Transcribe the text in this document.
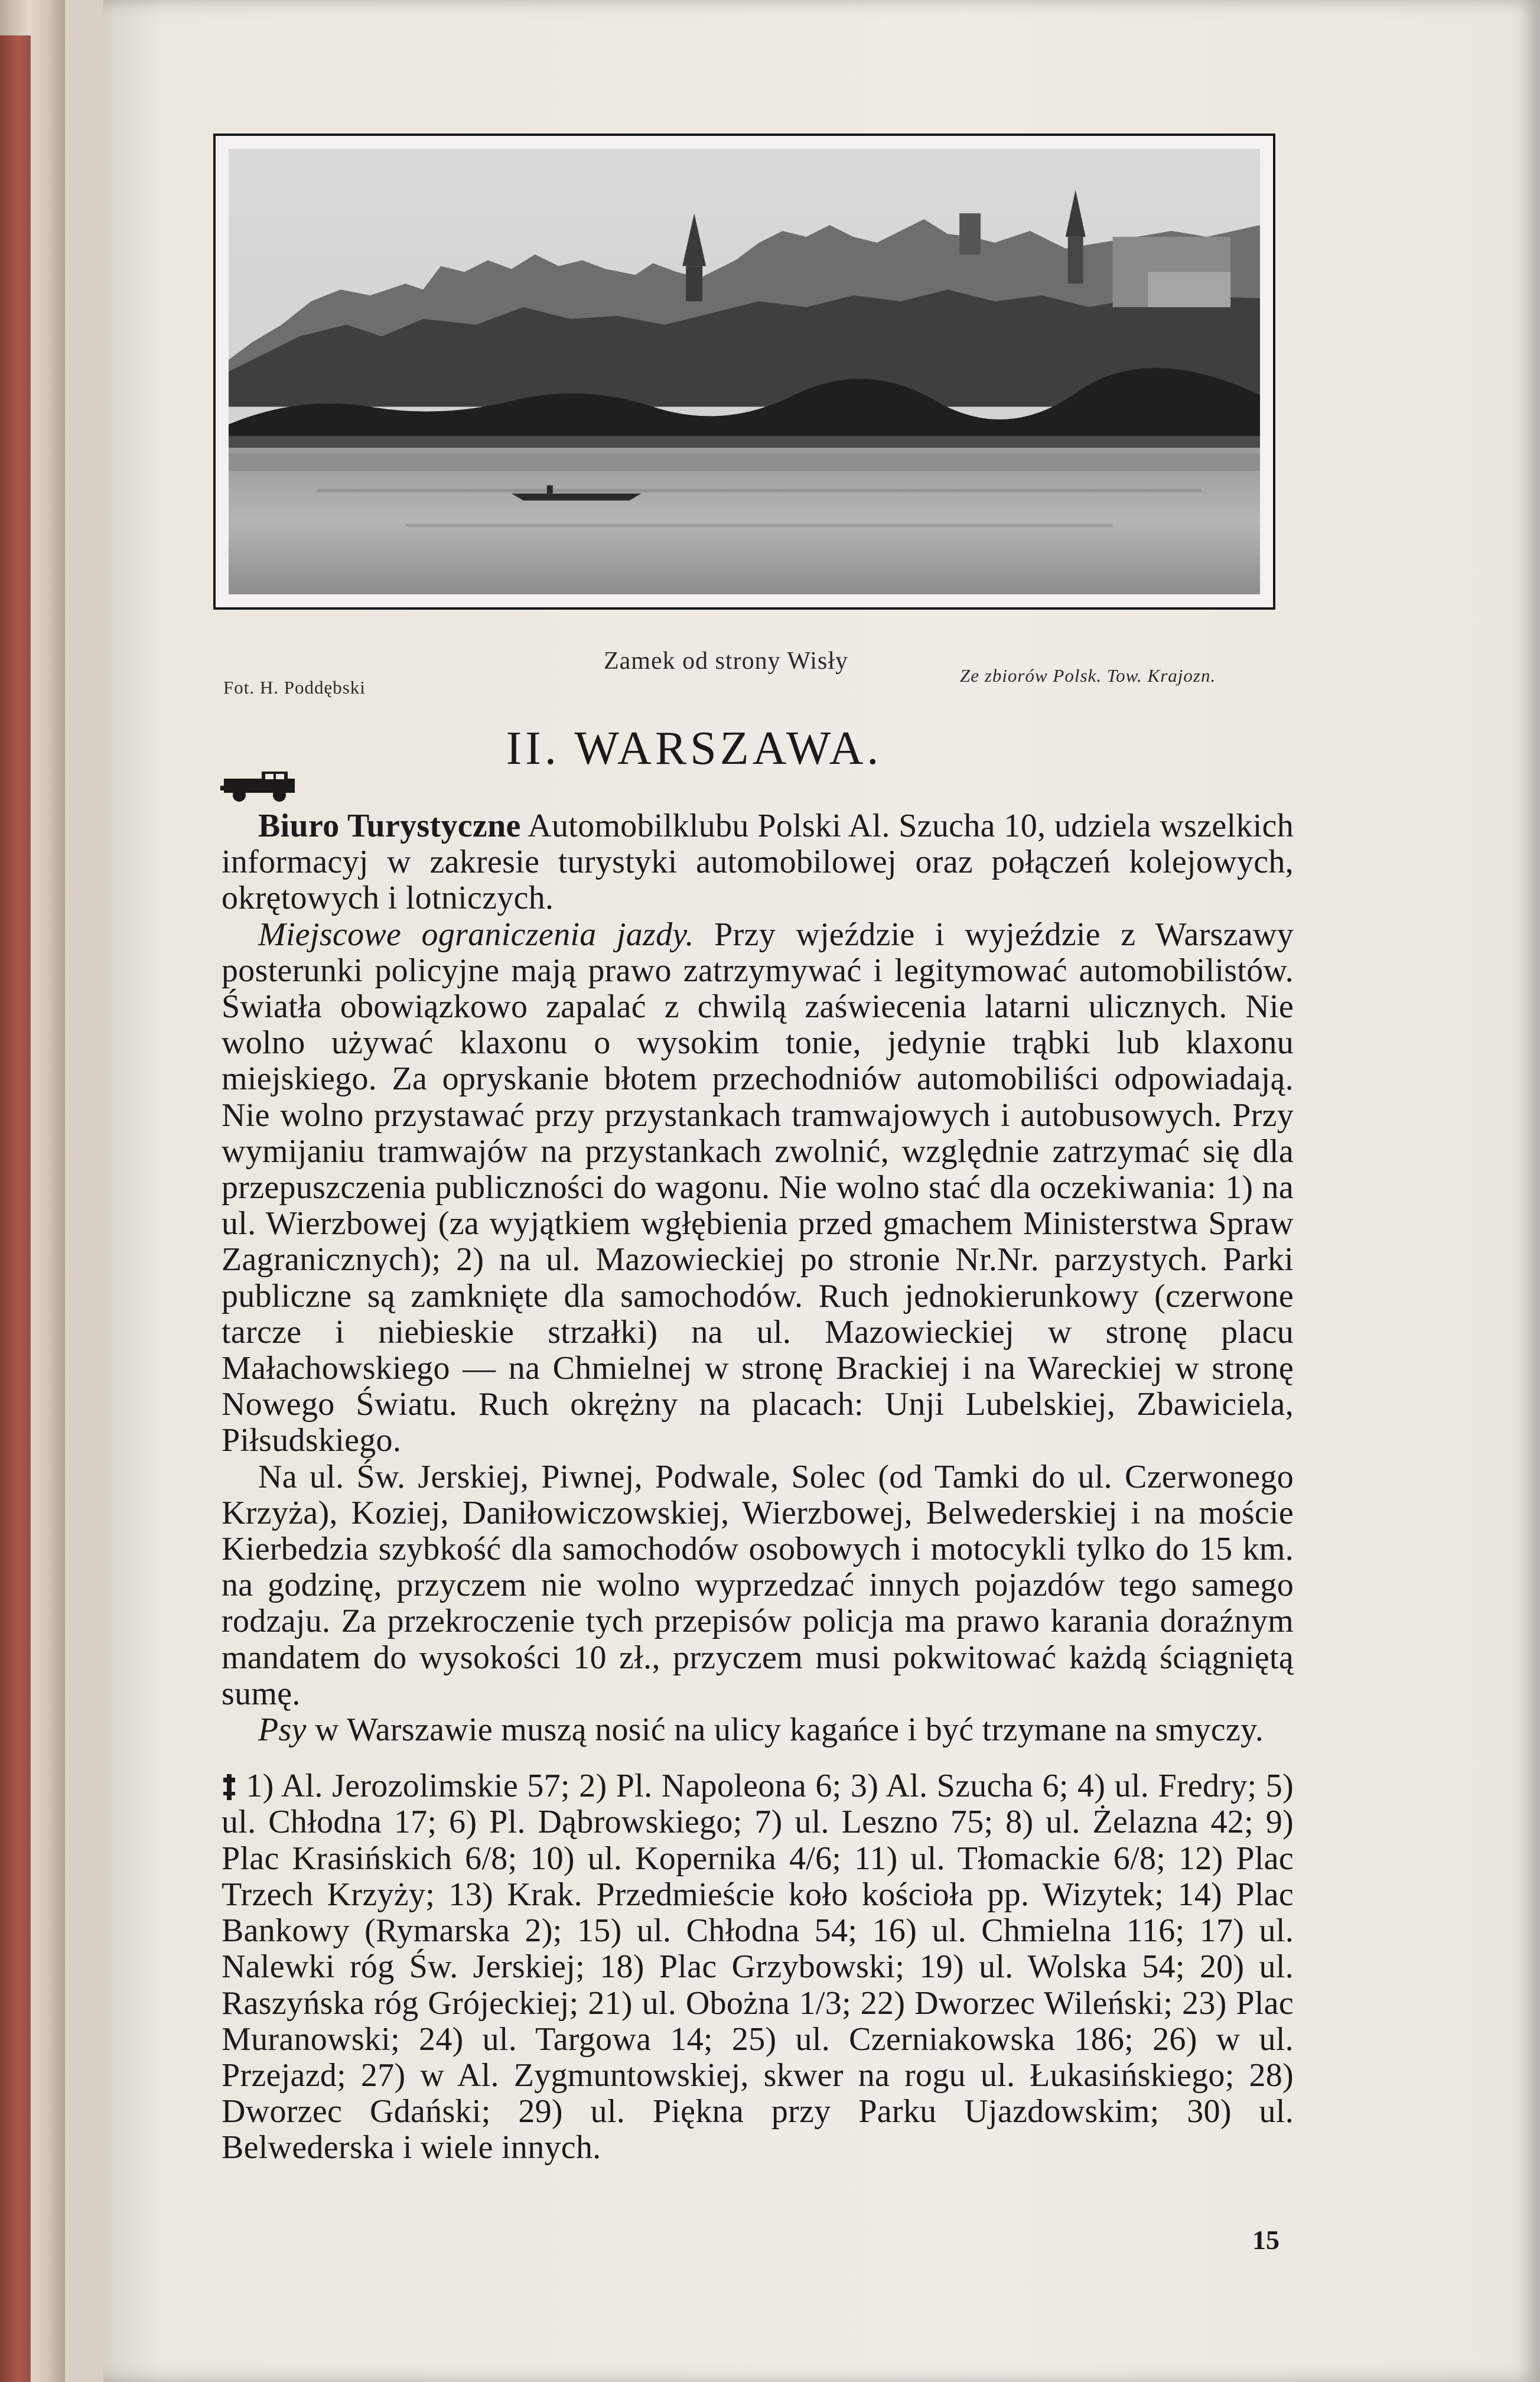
Fot. H. Poddębski
Zamek od strony Wisły
Ze zbiorów Polsk. Tow. Krajozn.
II. WARSZAWA.

Biuro Turystyczne Automobilklubu Polski Al. Szucha 10, udziela wszelkich informacyj w zakresie turystyki automobilowej oraz połączeń kolejowych, okrętowych i lotniczych.

Miejscowe ograniczenia jazdy. Przy wjeździe i wyjeździe z Warszawy posterunki policyjne mają prawo zatrzymywać i legitymować automobilistów. Światła obowiązkowo zapalać z chwilą zaświecenia latarni ulicznych. Nie wolno używać klaxonu o wysokim tonie, jedynie trąbki lub klaxonu miejskiego. Za opryskanie błotem przechodniów automobiliści odpowiadają. Nie wolno przystawać przy przystankach tramwajowych i autobusowych. Przy wymijaniu tramwajów na przystankach zwolnić, względnie zatrzymać się dla przepuszczenia publiczności do wagonu. Nie wolno stać dla oczekiwania: 1) na ul. Wierzbowej (za wyjątkiem wgłębienia przed gmachem Ministerstwa Spraw Zagranicznych); 2) na ul. Mazowieckiej po stronie Nr.Nr. parzystych. Parki publiczne są zamknięte dla samochodów. Ruch jednokierunkowy (czerwone tarcze i niebieskie strzałki) na ul. Mazowieckiej w stronę placu Małachowskiego — na Chmielnej w stronę Brackiej i na Wareckiej w stronę Nowego Światu. Ruch okrężny na placach: Unji Lubelskiej, Zbawiciela, Piłsudskiego.

Na ul. Św. Jerskiej, Piwnej, Podwale, Solec (od Tamki do ul. Czerwonego Krzyża), Koziej, Daniłowiczowskiej, Wierzbowej, Belwederskiej i na moście Kierbedzia szybkość dla samochodów osobowych i motocykli tylko do 15 km. na godzinę, przyczem nie wolno wyprzedzać innych pojazdów tego samego rodzaju. Za przekroczenie tych przepisów policja ma prawo karania doraźnym mandatem do wysokości 10 zł., przyczem musi pokwitować każdą ściągniętą sumę.

Psy w Warszawie muszą nosić na ulicy kagańce i być trzymane na smyczy.

1) Al. Jerozolimskie 57; 2) Pl. Napoleona 6; 3) Al. Szucha 6; 4) ul. Fredry; 5) ul. Chłodna 17; 6) Pl. Dąbrowskiego; 7) ul. Leszno 75; 8) ul. Żelazna 42; 9) Plac Krasińskich 6/8; 10) ul. Kopernika 4/6; 11) ul. Tłomackie 6/8; 12) Plac Trzech Krzyży; 13) Krak. Przedmieście koło kościoła pp. Wizytek; 14) Plac Bankowy (Rymarska 2); 15) ul. Chłodna 54; 16) ul. Chmielna 116; 17) ul. Nalewki róg Św. Jerskiej; 18) Plac Grzybowski; 19) ul. Wolska 54; 20) ul. Raszyńska róg Grójeckiej; 21) ul. Obożna 1/3; 22) Dworzec Wileński; 23) Plac Muranowski; 24) ul. Targowa 14; 25) ul. Czerniakowska 186; 26) w ul. Przejazd; 27) w Al. Zygmuntowskiej, skwer na rogu ul. Łukasińskiego; 28) Dworzec Gdański; 29) ul. Piękna przy Parku Ujazdowskim; 30) ul. Belwederska i wiele innych.

15
